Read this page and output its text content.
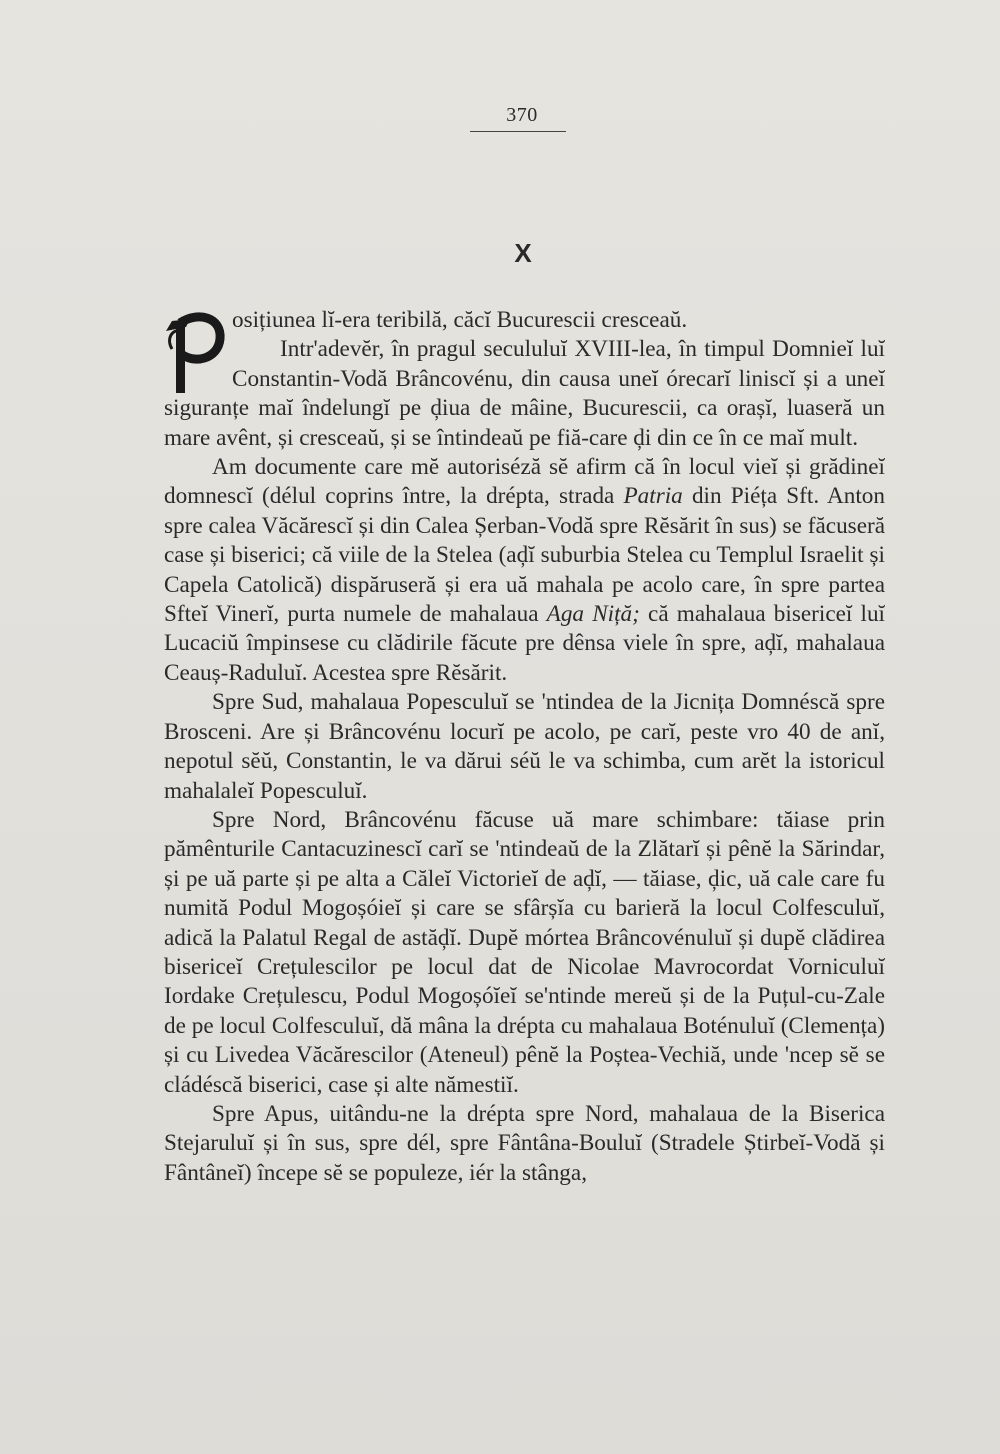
370
X

osițiunea lĭ-era teribilă, căcĭ Bucurescii cresceaŭ.

Intr'adevĕr, în pragul secululuĭ XVIII-lea, în timpul Domnieĭ luĭ Constantin-Vodă Brâncovénu, din causa uneĭ órecarĭ liniscĭ și a uneĭ siguranțe maĭ îndelungĭ pe ḑiua de mâine, Bucurescii, ca orașĭ, luaseră un mare avênt, și cresceaŭ, și se întindeaŭ pe fiă-care ḑi din ce în ce maĭ mult.

Am documente care mĕ autoriséză sĕ afirm că în locul vieĭ și grădineĭ domnescĭ (délul coprins între, la drépta, strada Patria din Piéța Sft. Anton spre calea Văcărescĭ și din Calea Șerban-Vodă spre Rĕsărit în sus) se făcuseră case și biserici; că viile de la Stelea (aḑĭ suburbia Stelea cu Templul Israelit și Capela Catolică) dispăruseră și era uă mahala pe acolo care, în spre partea Sfteĭ Vinerĭ, purta numele de mahalaua Aga Niță; că mahalaua bisericeĭ luĭ Lucaciŭ împinsese cu clădirile făcute pre dênsa viele în spre, aḑĭ, mahalaua Ceauș-Raduluĭ. Acestea spre Rĕsărit.

Spre Sud, mahalaua Popesculuĭ se 'ntindea de la Jicnița Domnéscă spre Brosceni. Are și Brâncovénu locurĭ pe acolo, pe carĭ, peste vro 40 de anĭ, nepotul sĕŭ, Constantin, le va dărui séŭ le va schimba, cum arĕt la istoricul mahalaleĭ Popesculuĭ.

Spre Nord, Brâncovénu făcuse uă mare schimbare: tăiase prin pămênturile Cantacuzinescĭ carĭ se 'ntindeaŭ de la Zlătarĭ și pênĕ la Sărindar, și pe uă parte și pe alta a Căleĭ Victorieĭ de aḑĭ, — tăiase, ḑic, uă cale care fu numită Podul Mogoșóieĭ și care se sfârșĭa cu barieră la locul Colfesculuĭ, adică la Palatul Regal de astăḑĭ. Dupĕ mórtea Brâncovénuluĭ și dupĕ clădirea bisericeĭ Crețulescilor pe locul dat de Nicolae Mavrocordat Vorniculuĭ Iordake Crețulescu, Podul Mogoșóĭeĭ se'ntinde mereŭ și de la Puțul-cu-Zale de pe locul Colfesculuĭ, dă mâna la drépta cu mahalaua Boténuluĭ (Clemența) și cu Livedea Văcărescilor (Ateneul) pênĕ la Poștea-Vechiă, unde 'ncep sĕ se cládéscă biserici, case și alte nămestiĭ.

Spre Apus, uitându-ne la drépta spre Nord, mahalaua de la Biserica Stejaruluĭ și în sus, spre dél, spre Fântâna-Bouluĭ (Stradele Știrbeĭ-Vodă și Fântâneĭ) începe sĕ se populeze, iér la stânga,
